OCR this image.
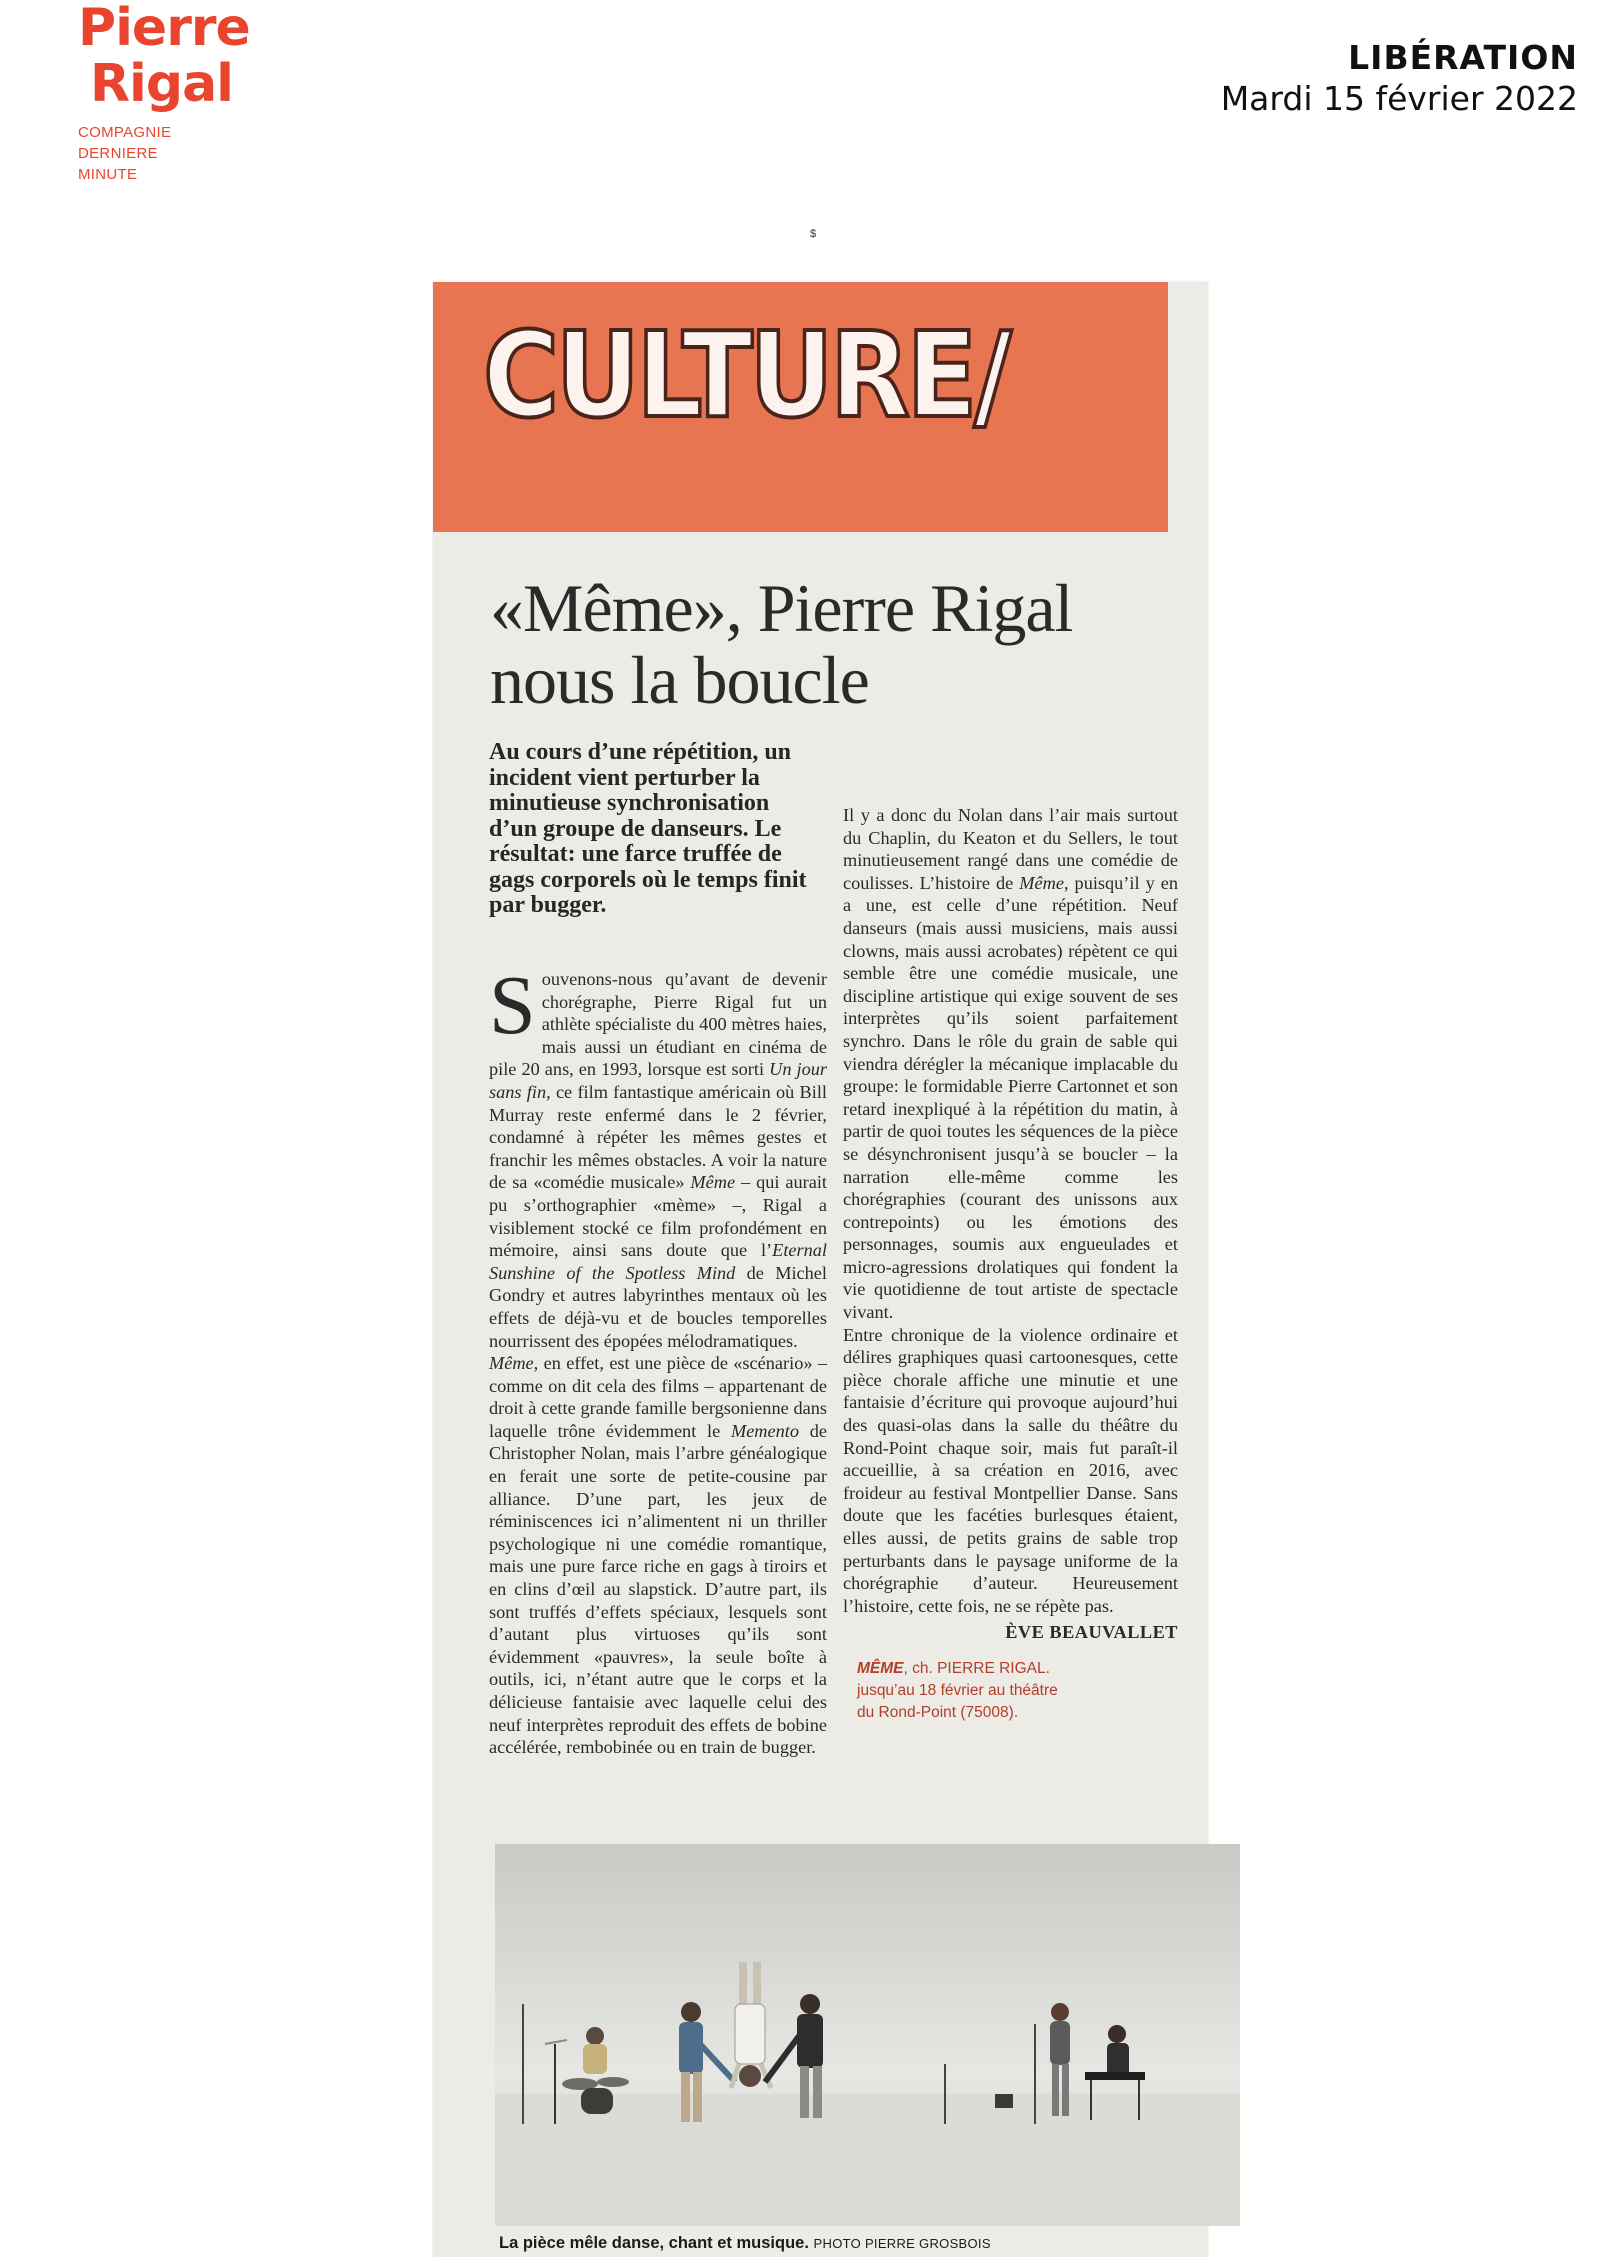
Pierre
Rigal
COMPAGNIE
DERNIERE
MINUTE
LIBÉRATION
Mardi 15 février 2022
$
CULTURE/
«Même», Pierre Rigal nous la boucle
Au cours d’une répétition, un incident vient perturber la minutieuse synchronisation d’un groupe de danseurs. Le résultat: une farce truffée de gags corporels où le temps finit par bugger.

Souvenons-nous qu’avant de devenir chorégraphe, Pierre Rigal fut un athlète spécialiste du 400 mètres haies, mais aussi un étudiant en cinéma de pile 20 ans, en 1993, lorsque est sorti Un jour sans fin, ce film fantastique américain où Bill Murray reste enfermé dans le 2 février, condamné à répéter les mêmes gestes et franchir les mêmes obstacles. A voir la nature de sa «comédie musicale» Même – qui aurait pu s’orthographier «mème» –, Rigal a visiblement stocké ce film profondément en mémoire, ainsi sans doute que l’Eternal Sunshine of the Spotless Mind de Michel Gondry et autres labyrinthes mentaux où les effets de déjà-vu et de boucles temporelles nourrissent des épopées mélodramatiques.

Même, en effet, est une pièce de «scénario» – comme on dit cela des films – appartenant de droit à cette grande famille bergsonienne dans laquelle trône évidemment le Memento de Christopher Nolan, mais l’arbre généalogique en ferait une sorte de petite-cousine par alliance. D’une part, les jeux de réminiscences ici n’alimentent ni un thriller psychologique ni une comédie romantique, mais une pure farce riche en gags à tiroirs et en clins d’œil au slapstick. D’autre part, ils sont truffés d’effets spéciaux, lesquels sont d’autant plus virtuoses qu’ils sont évidemment «pauvres», la seule boîte à outils, ici, n’étant autre que le corps et la délicieuse fantaisie avec laquelle celui des neuf interprètes reproduit des effets de bobine accélérée, rembobinée ou en train de bugger.

Il y a donc du Nolan dans l’air mais surtout du Chaplin, du Keaton et du Sellers, le tout minutieusement rangé dans une comédie de coulisses. L’histoire de Même, puisqu’il y en a une, est celle d’une répétition. Neuf danseurs (mais aussi musiciens, mais aussi clowns, mais aussi acrobates) répètent ce qui semble être une comédie musicale, une discipline artistique qui exige souvent de ses interprètes qu’ils soient parfaitement synchro. Dans le rôle du grain de sable qui viendra dérégler la mécanique implacable du groupe: le formidable Pierre Cartonnet et son retard inexpliqué à la répétition du matin, à partir de quoi toutes les séquences de la pièce se désynchronisent jusqu’à se boucler – la narration elle-même comme les chorégraphies (courant des unissons aux contrepoints) ou les émotions des personnages, soumis aux engueulades et micro-agressions drolatiques qui fondent la vie quotidienne de tout artiste de spectacle vivant.

Entre chronique de la violence ordinaire et délires graphiques quasi cartoonesques, cette pièce chorale affiche une minutie et une fantaisie d’écriture qui provoque aujourd’hui des quasi-olas dans la salle du théâtre du Rond-Point chaque soir, mais fut paraît-il accueillie, à sa création en 2016, avec froideur au festival Montpellier Danse. Sans doute que les facéties burlesques étaient, elles aussi, de petits grains de sable trop perturbants dans le paysage uniforme de la chorégraphie d’auteur. Heureusement l’histoire, cette fois, ne se répète pas.

ÈVE BEAUVALLET
MÊME, ch. PIERRE RIGAL.
jusqu’au 18 février au théâtre
du Rond-Point (75008).
La pièce mêle danse, chant et musique. PHOTO PIERRE GROSBOIS
